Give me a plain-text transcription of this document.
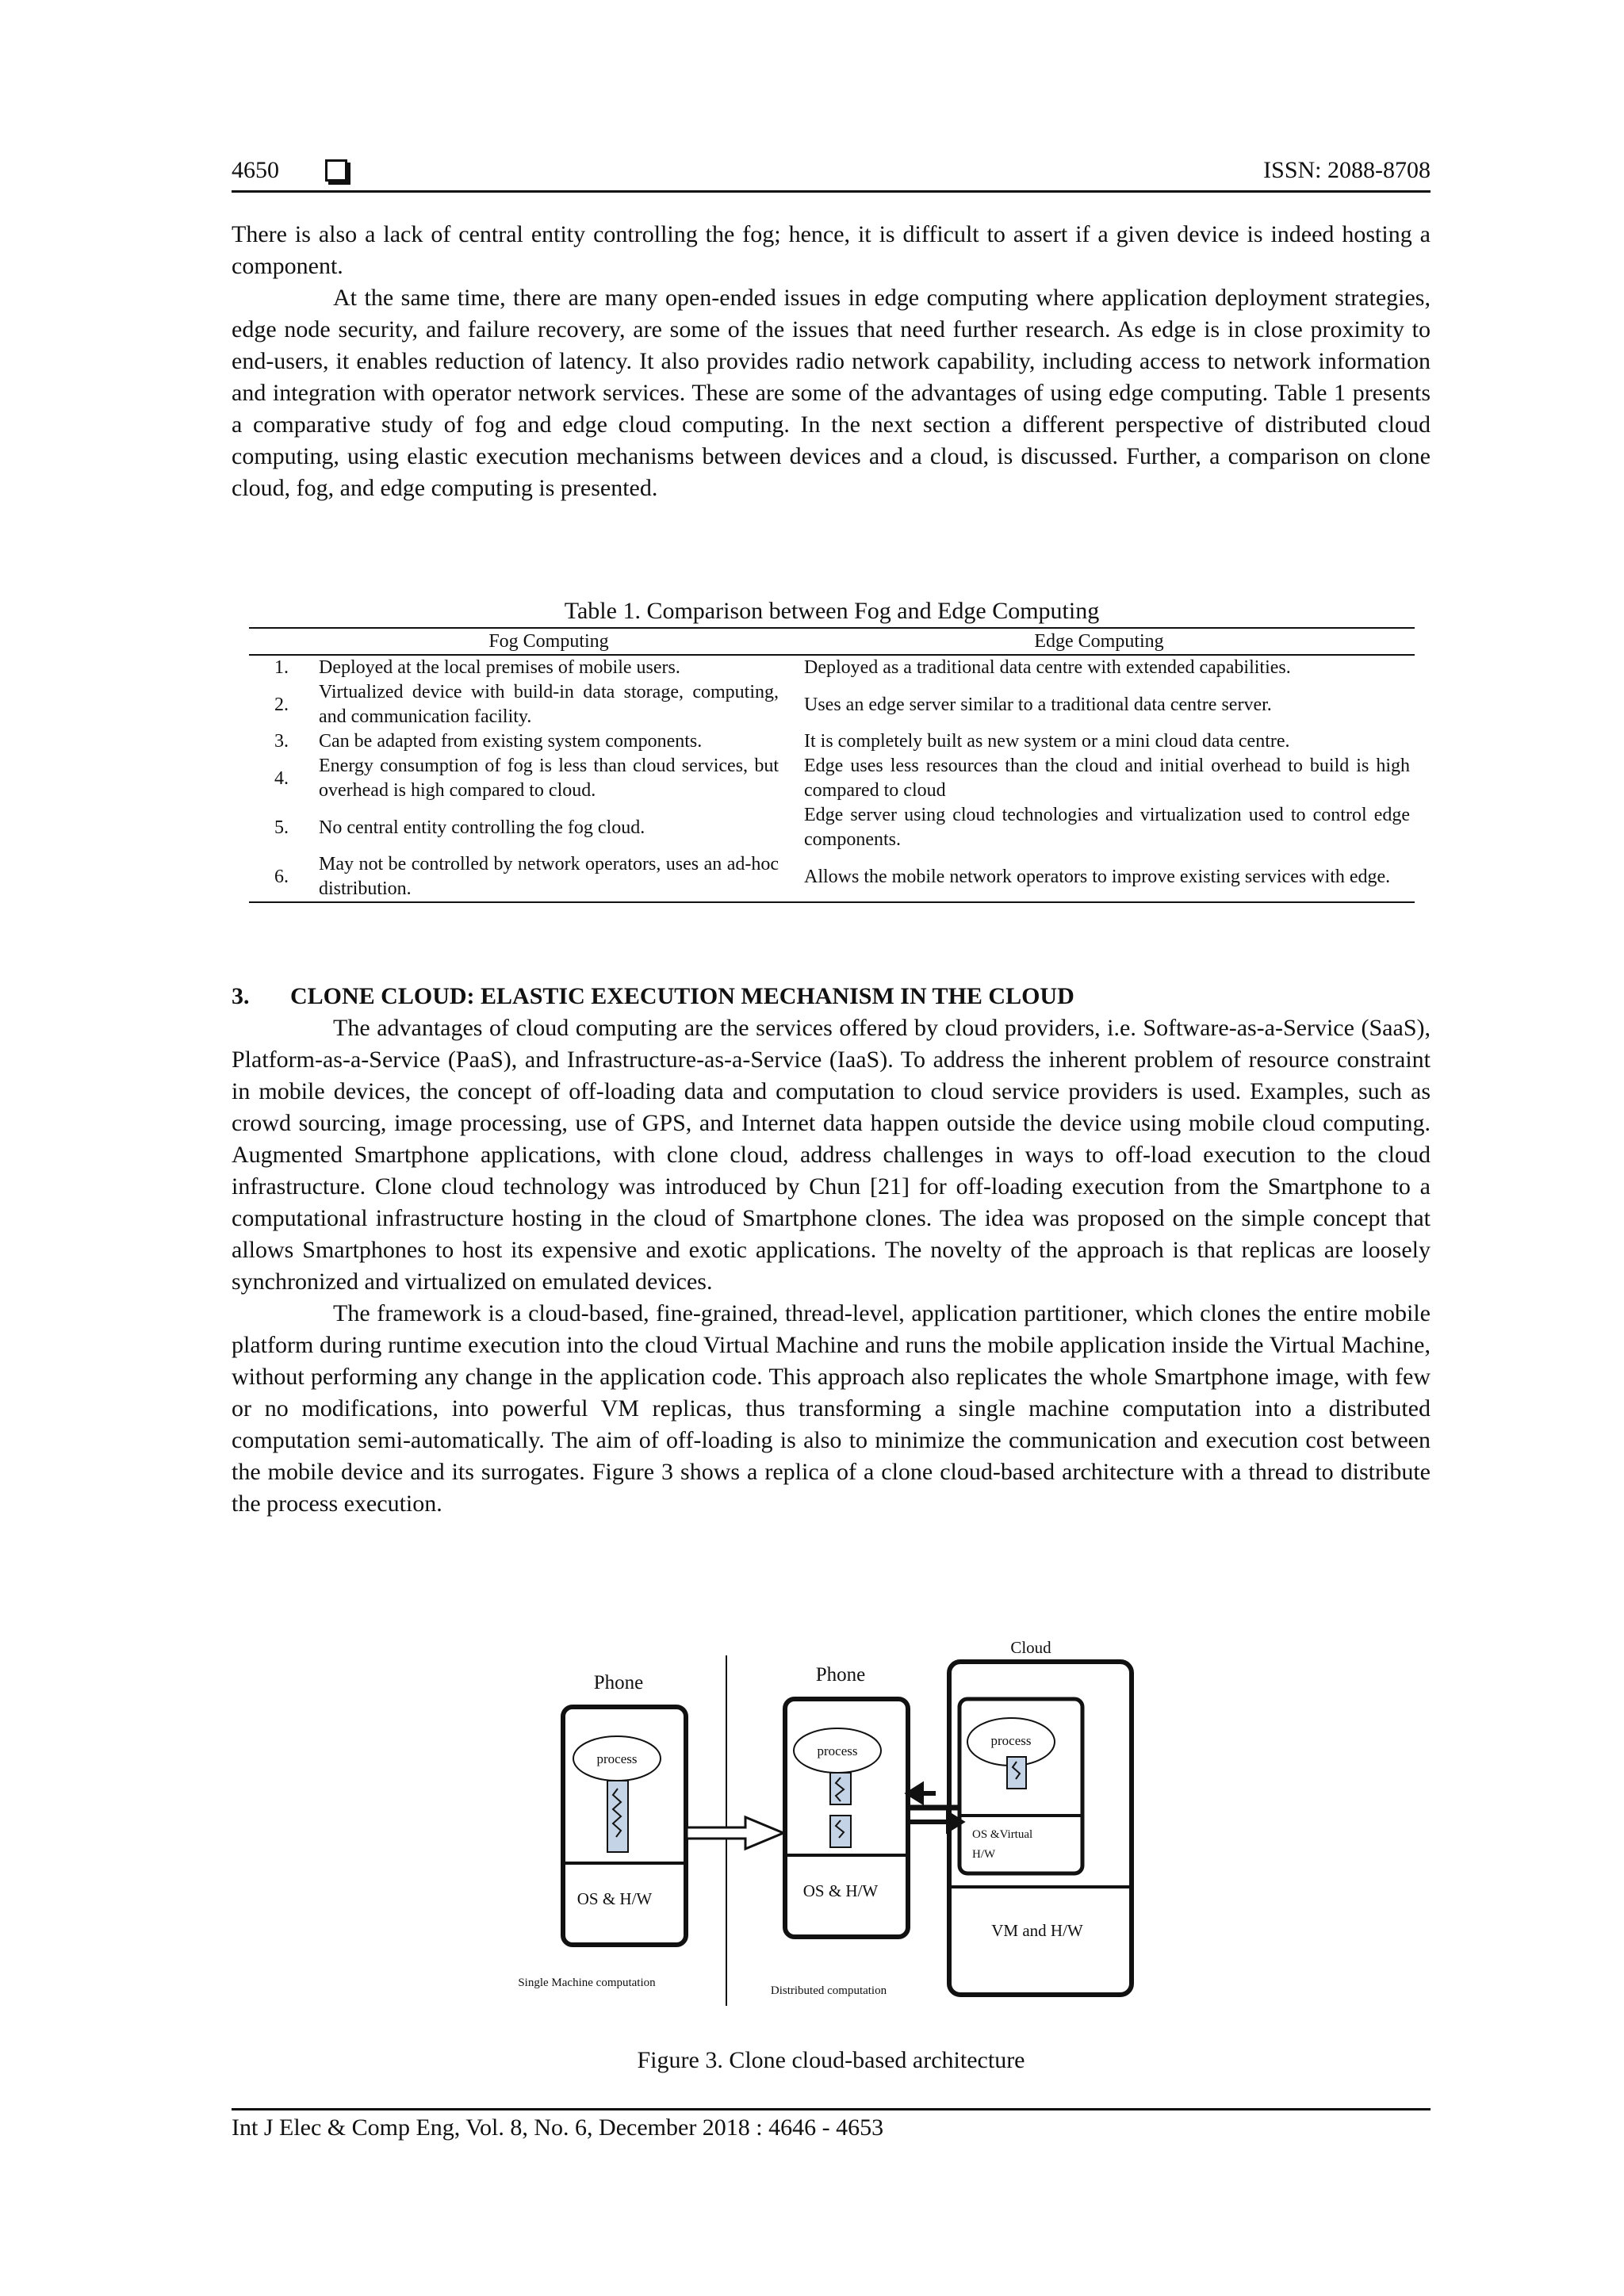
4650	ISSN: 2088-8708

There is also a lack of central entity controlling the fog; hence, it is difficult to assert if a given device is indeed hosting a component.

At the same time, there are many open-ended issues in edge computing where application deployment strategies, edge node security, and failure recovery, are some of the issues that need further research. As edge is in close proximity to end-users, it enables reduction of latency. It also provides radio network capability, including access to network information and integration with operator network services. These are some of the advantages of using edge computing. Table 1 presents a comparative study of fog and edge cloud computing. In the next section a different perspective of distributed cloud computing, using elastic execution mechanisms between devices and a cloud, is discussed. Further, a comparison on clone cloud, fog, and edge computing is presented.

Table 1. Comparison between Fog and Edge Computing
	Fog Computing	Edge Computing
1.	Deployed at the local premises of mobile users.	Deployed as a traditional data centre with extended capabilities.
2.	Virtualized device with build-in data storage, computing, and communication facility.	Uses an edge server similar to a traditional data centre server.
3.	Can be adapted from existing system components.	It is completely built as new system or a mini cloud data centre.
4.	Energy consumption of fog is less than cloud services, but overhead is high compared to cloud.	Edge uses less resources than the cloud and initial overhead to build is high compared to cloud
5.	No central entity controlling the fog cloud.	Edge server using cloud technologies and virtualization used to control edge components.
6.	May not be controlled by network operators, uses an ad-hoc distribution.	Allows the mobile network operators to improve existing services with edge.
3. CLONE CLOUD: ELASTIC EXECUTION MECHANISM IN THE CLOUD

The advantages of cloud computing are the services offered by cloud providers, i.e. Software-as-a-Service (SaaS), Platform-as-a-Service (PaaS), and Infrastructure-as-a-Service (IaaS). To address the inherent problem of resource constraint in mobile devices, the concept of off-loading data and computation to cloud service providers is used. Examples, such as crowd sourcing, image processing, use of GPS, and Internet data happen outside the device using mobile cloud computing. Augmented Smartphone applications, with clone cloud, address challenges in ways to off-load execution to the cloud infrastructure. Clone cloud technology was introduced by Chun [21] for off-loading execution from the Smartphone to a computational infrastructure hosting in the cloud of Smartphone clones. The idea was proposed on the simple concept that allows Smartphones to host its expensive and exotic applications. The novelty of the approach is that replicas are loosely synchronized and virtualized on emulated devices.

The framework is a cloud-based, fine-grained, thread-level, application partitioner, which clones the entire mobile platform during runtime execution into the cloud Virtual Machine and runs the mobile application inside the Virtual Machine, without performing any change in the application code. This approach also replicates the whole Smartphone image, with few or no modifications, into powerful VM replicas, thus transforming a single machine computation into a distributed computation semi-automatically. The aim of off-loading is also to minimize the communication and execution cost between the mobile device and its surrogates. Figure 3 shows a replica of a clone cloud-based architecture with a thread to distribute the process execution.

Phone
process
OS & H/W
Single Machine computation
Phone
process
OS & H/W
Distributed computation
Cloud
process
OS &Virtual
H/W
VM and H/W
Figure 3. Clone cloud-based architecture
Int J Elec & Comp Eng, Vol. 8, No. 6, December 2018 : 4646 - 4653
